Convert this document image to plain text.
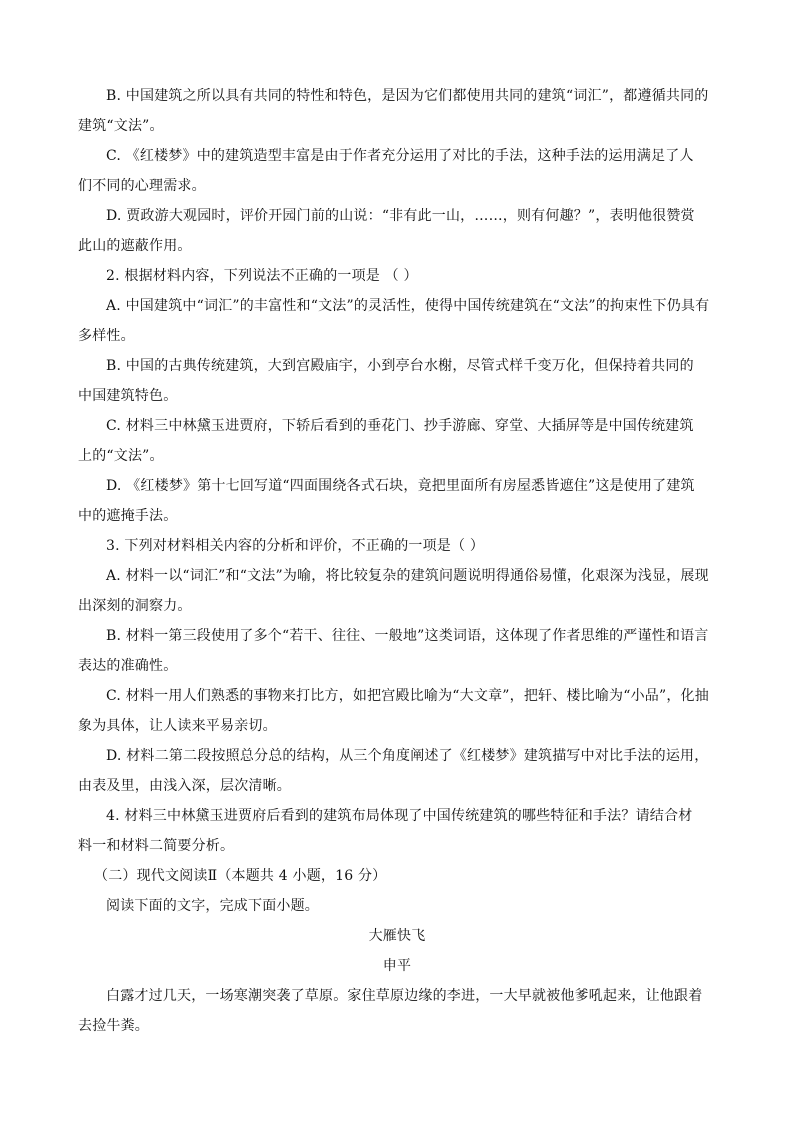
B. 中国建筑之所以具有共同的特性和特色，是因为它们都使用共同的建筑“词汇”，都遵循共同的
建筑“文法”。
C. 《红楼梦》中的建筑造型丰富是由于作者充分运用了对比的手法，这种手法的运用满足了人
们不同的心理需求。
D. 贾政游大观园时，评价开园门前的山说：“非有此一山，……，则有何趣？”，表明他很赞赏
此山的遮蔽作用。
2. 根据材料内容，下列说法不正确的一项是 （ ）
A. 中国建筑中“词汇”的丰富性和“文法”的灵活性，使得中国传统建筑在“文法”的拘束性下仍具有
多样性。
B. 中国的古典传统建筑，大到宫殿庙宇，小到亭台水榭，尽管式样千变万化，但保持着共同的
中国建筑特色。
C. 材料三中林黛玉进贾府，下轿后看到的垂花门、抄手游廊、穿堂、大插屏等是中国传统建筑
上的“文法”。
D. 《红楼梦》第十七回写道“四面围绕各式石块，竟把里面所有房屋悉皆遮住”这是使用了建筑
中的遮掩手法。
3. 下列对材料相关内容的分析和评价，不正确的一项是（ ）
A. 材料一以“词汇”和“文法”为喻，将比较复杂的建筑问题说明得通俗易懂，化艰深为浅显，展现
出深刻的洞察力。
B. 材料一第三段使用了多个“若干、往往、一般地”这类词语，这体现了作者思维的严谨性和语言
表达的准确性。
C. 材料一用人们熟悉的事物来打比方，如把宫殿比喻为“大文章”，把轩、楼比喻为“小品”，化抽
象为具体，让人读来平易亲切。
D. 材料二第二段按照总分总的结构，从三个角度阐述了《红楼梦》建筑描写中对比手法的运用，
由表及里，由浅入深，层次清晰。
4. 材料三中林黛玉进贾府后看到的建筑布局体现了中国传统建筑的哪些特征和手法？请结合材
料一和材料二简要分析。
（二）现代文阅读Ⅱ（本题共 4 小题，16 分）
阅读下面的文字，完成下面小题。
大雁快飞
申平
白露才过几天，一场寒潮突袭了草原。家住草原边缘的李进，一大早就被他爹吼起来，让他跟着
去捡牛粪。
